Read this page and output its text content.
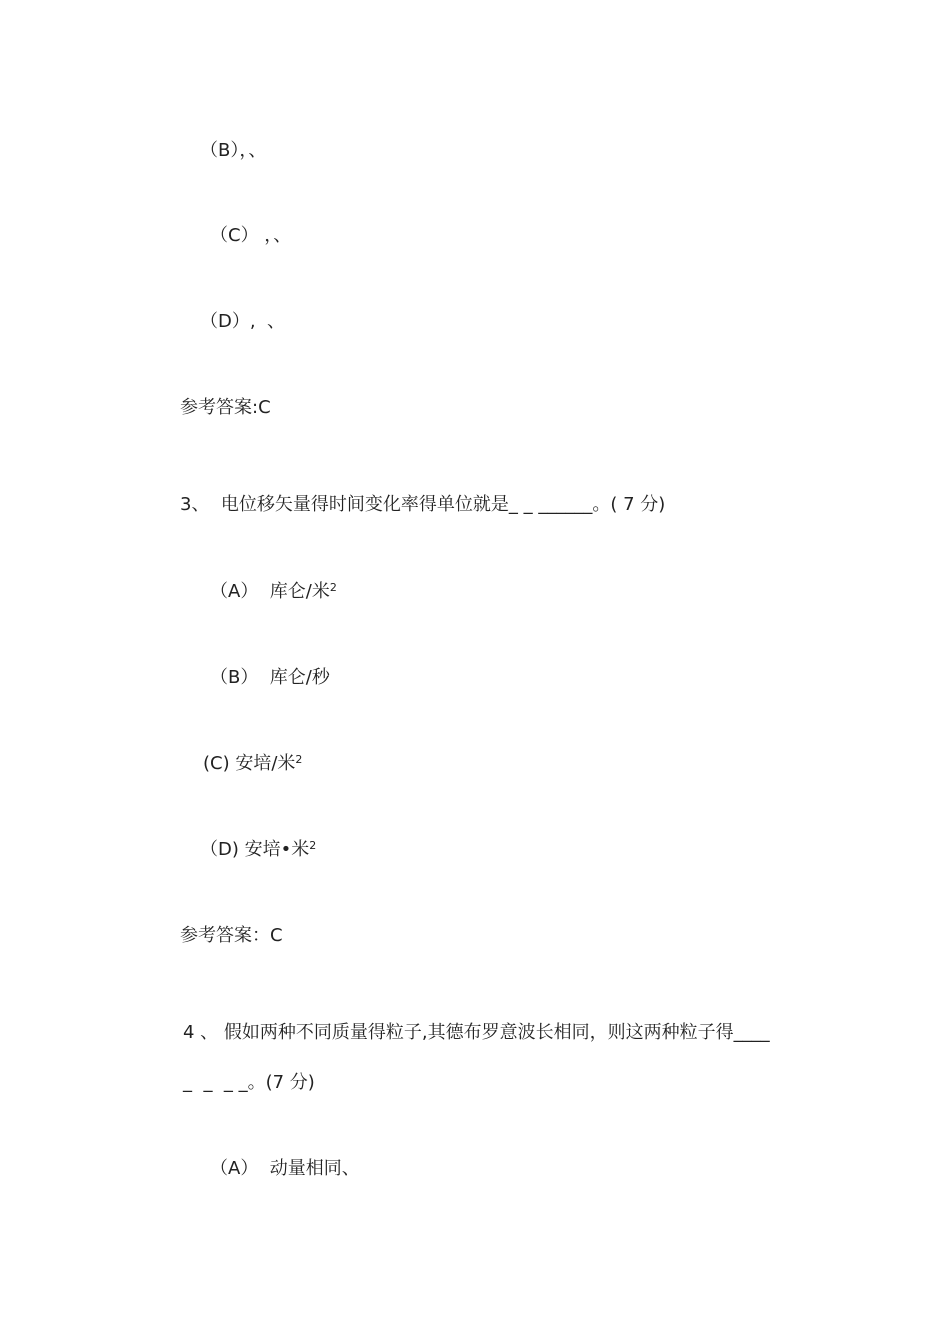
（B），、
（C） ，、
（D）,  、
参考答案:C
3、  电位移矢量得时间变化率得单位就是_ _ ______。( 7 分)
（A）  库仑/米$^2$
（B）  库仑/秒
(C) 安培/米$^2$
（D) 安培•米$^2$
参考答案：C
4 、 假如两种不同质量得粒子,其德布罗意波长相同，则这两种粒子得____
_  _  _ _。(7 分)
（A）  动量相同、
